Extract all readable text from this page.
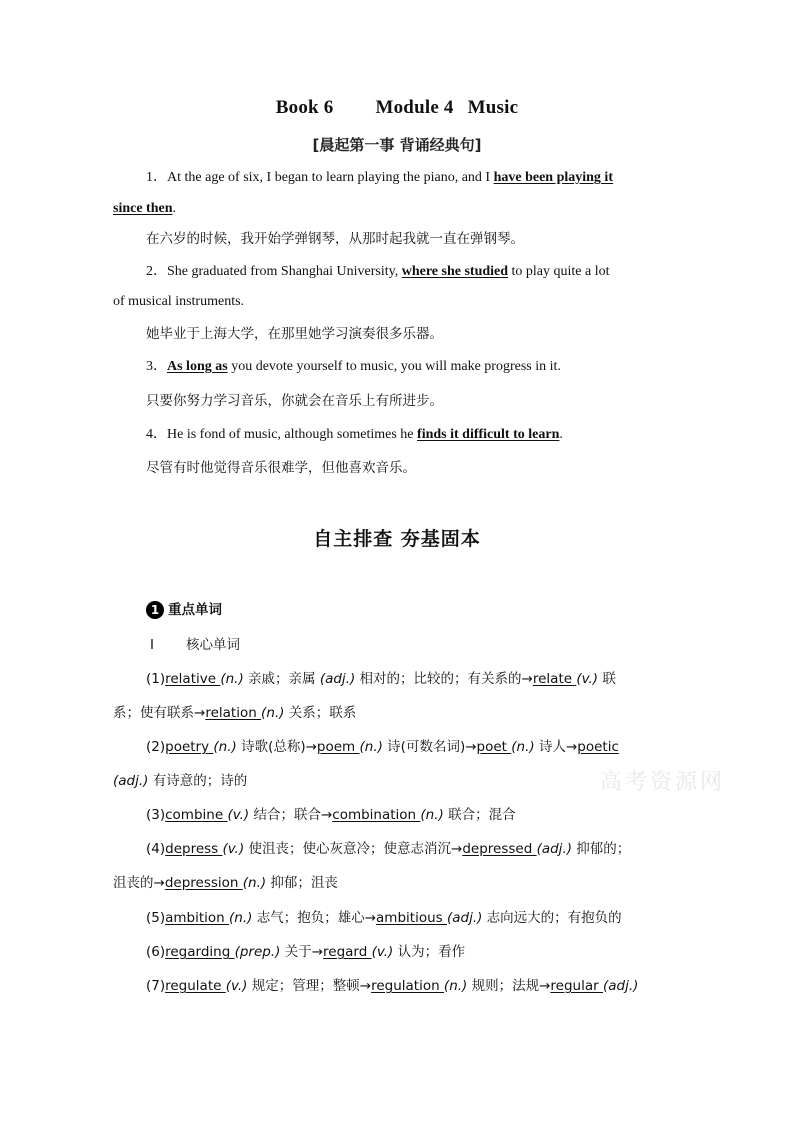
Book 6 Module 4 Music
[晨起第一事 背诵经典句]
1．At the age of six, I began to learn playing the piano, and I have been playing it
since then.
在六岁的时候，我开始学弹钢琴，从那时起我就一直在弹钢琴。
2．She graduated from Shanghai University, where she studied to play quite a lot
of musical instruments.
她毕业于上海大学，在那里她学习演奏很多乐器。
3．As long as you devote yourself to music, you will make progress in it.
只要你努力学习音乐，你就会在音乐上有所进步。
4．He is fond of music, although sometimes he finds it difficult to learn.
尽管有时他觉得音乐很难学，但他喜欢音乐。
自主排查 夯基固本
1 重点单词
Ⅰ 核心单词
(1)relative (n.) 亲戚；亲属 (adj.) 相对的；比较的；有关系的→relate (v.) 联
系；使有联系→relation (n.) 关系；联系
(2)poetry (n.) 诗歌(总称)→poem (n.) 诗(可数名词)→poet (n.) 诗人→poetic
(adj.) 有诗意的；诗的
(3)combine (v.) 结合；联合→combination (n.) 联合；混合
(4)depress (v.) 使沮丧；使心灰意冷；使意志消沉→depressed (adj.) 抑郁的；
沮丧的→depression (n.) 抑郁；沮丧
(5)ambition (n.) 志气；抱负；雄心→ambitious (adj.) 志向远大的；有抱负的
(6)regarding (prep.) 关于→regard (v.) 认为；看作
(7)regulate (v.) 规定；管理；整顿→regulation (n.) 规则；法规→regular (adj.)
高考资源网
